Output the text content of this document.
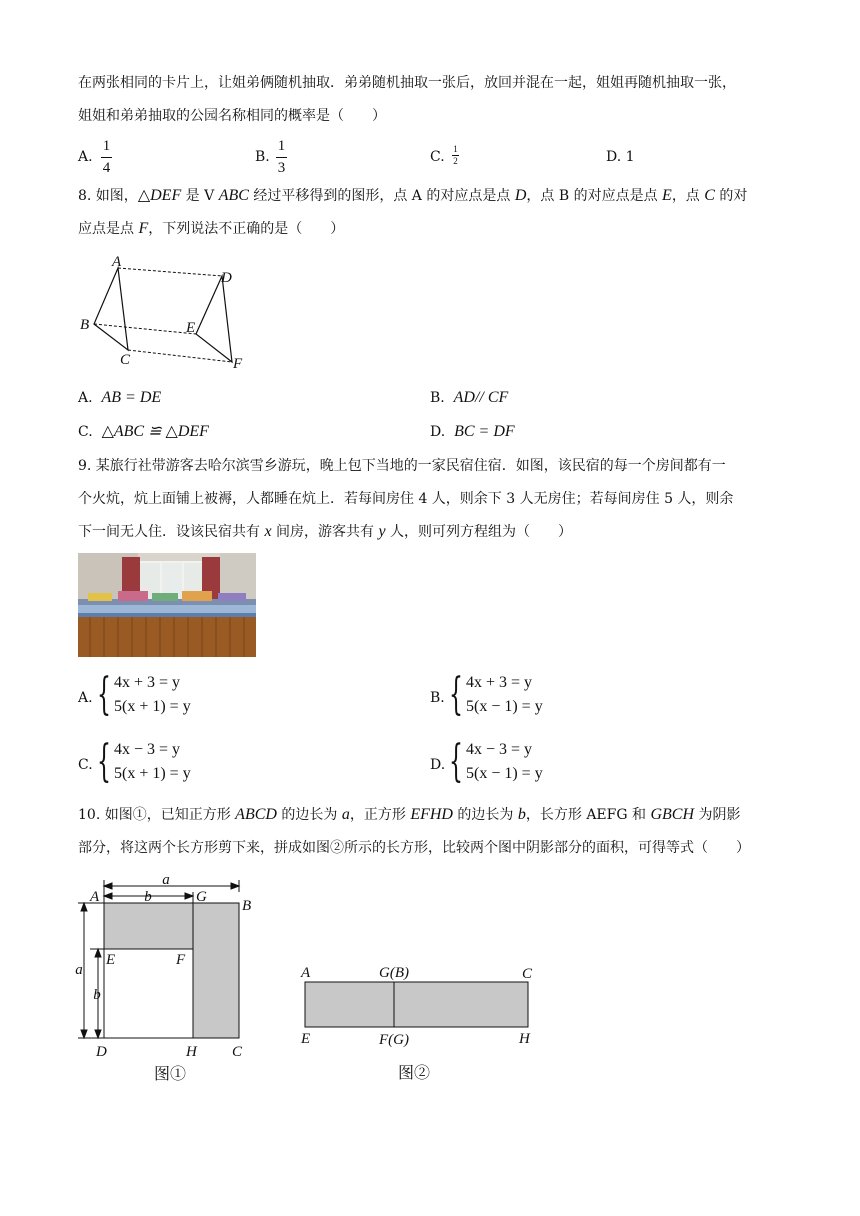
在两张相同的卡片上，让姐弟俩随机抽取．弟弟随机抽取一张后，放回并混在一起，姐姐再随机抽取一张，
姐姐和弟弟抽取的公园名称相同的概率是（　　）
A.
1
4
B.
1
3
C. 1
2	D. 1
8. 如图，△DEF 是 V ABC 经过平移得到的图形，点 A 的对应点是点 D，点 B 的对应点是点 E，点 C 的对
应点是点 F，下列说法不正确的是（　　）
A
B
C
D
E
F
A. AB = DE	B. AD// CF
C. △ABC ≌ △DEF	D. BC = DF
9. 某旅行社带游客去哈尔滨雪乡游玩，晚上包下当地的一家民宿住宿．如图，该民宿的每一个房间都有一
个火炕，炕上面铺上被褥，人都睡在炕上．若每间房住 4 人，则余下 3 人无房住；若每间房住 5 人，则余
下一间无人住．设该民宿共有 x 间房，游客共有 y 人，则可列方程组为（　　）
A. { 4x + 3 = y
5(x + 1) = y	B. { 4x + 3 = y
5(x − 1) = y
C. { 4x − 3 = y
5(x + 1) = y	D. { 4x − 3 = y
5(x − 1) = y
10. 如图①，已知正方形 ABCD 的边长为 a，正方形 EFHD 的边长为 b，长方形 AEFG 和 GBCH 为阴影
部分，将这两个长方形剪下来，拼成如图②所示的长方形，比较两个图中阴影部分的面积，可得等式（　　）
a
b
a
b
A	G
B
E	F
D	H C
图①
A	G(B)	C
E	F(G)	H
图②
